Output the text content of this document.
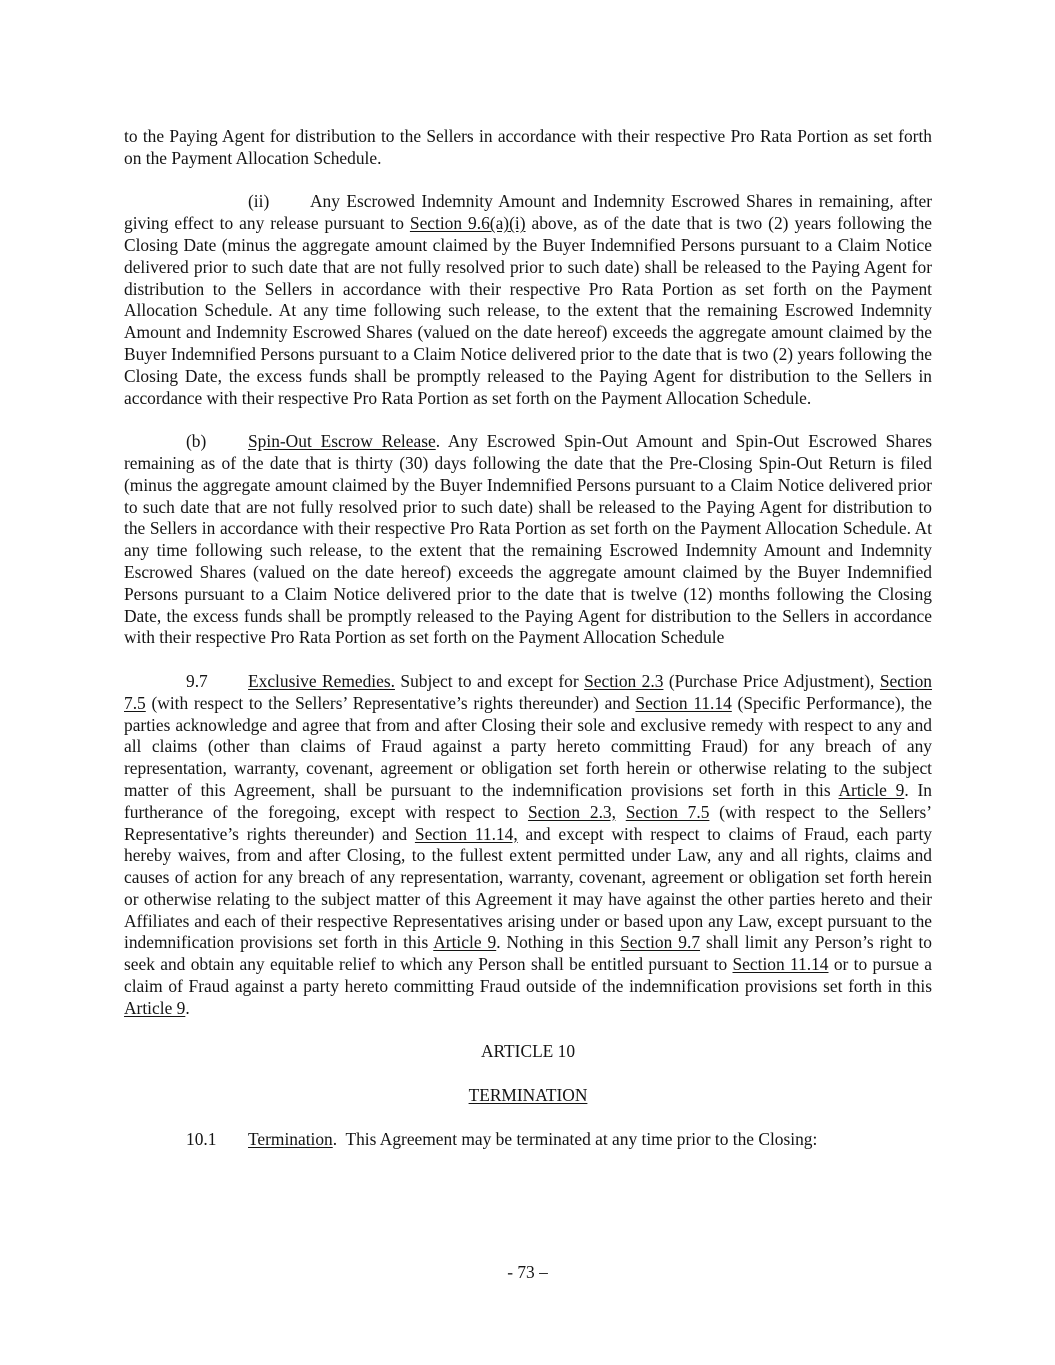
to the Paying Agent for distribution to the Sellers in accordance with their respective Pro Rata Portion as set forth on the Payment Allocation Schedule.

(ii) Any Escrowed Indemnity Amount and Indemnity Escrowed Shares in remaining, after giving effect to any release pursuant to Section 9.6(a)(i) above, as of the date that is two (2) years following the Closing Date (minus the aggregate amount claimed by the Buyer Indemnified Persons pursuant to a Claim Notice delivered prior to such date that are not fully resolved prior to such date) shall be released to the Paying Agent for distribution to the Sellers in accordance with their respective Pro Rata Portion as set forth on the Payment Allocation Schedule. At any time following such release, to the extent that the remaining Escrowed Indemnity Amount and Indemnity Escrowed Shares (valued on the date hereof) exceeds the aggregate amount claimed by the Buyer Indemnified Persons pursuant to a Claim Notice delivered prior to the date that is two (2) years following the Closing Date, the excess funds shall be promptly released to the Paying Agent for distribution to the Sellers in accordance with their respective Pro Rata Portion as set forth on the Payment Allocation Schedule.

(b) Spin-Out Escrow Release. Any Escrowed Spin-Out Amount and Spin-Out Escrowed Shares remaining as of the date that is thirty (30) days following the date that the Pre-Closing Spin-Out Return is filed (minus the aggregate amount claimed by the Buyer Indemnified Persons pursuant to a Claim Notice delivered prior to such date that are not fully resolved prior to such date) shall be released to the Paying Agent for distribution to the Sellers in accordance with their respective Pro Rata Portion as set forth on the Payment Allocation Schedule. At any time following such release, to the extent that the remaining Escrowed Indemnity Amount and Indemnity Escrowed Shares (valued on the date hereof) exceeds the aggregate amount claimed by the Buyer Indemnified Persons pursuant to a Claim Notice delivered prior to the date that is twelve (12) months following the Closing Date, the excess funds shall be promptly released to the Paying Agent for distribution to the Sellers in accordance with their respective Pro Rata Portion as set forth on the Payment Allocation Schedule

9.7 Exclusive Remedies. Subject to and except for Section 2.3 (Purchase Price Adjustment), Section 7.5 (with respect to the Sellers’ Representative’s rights thereunder) and Section 11.14 (Specific Performance), the parties acknowledge and agree that from and after Closing their sole and exclusive remedy with respect to any and all claims (other than claims of Fraud against a party hereto committing Fraud) for any breach of any representation, warranty, covenant, agreement or obligation set forth herein or otherwise relating to the subject matter of this Agreement, shall be pursuant to the indemnification provisions set forth in this Article 9. In furtherance of the foregoing, except with respect to Section 2.3, Section 7.5 (with respect to the Sellers’ Representative’s rights thereunder) and Section 11.14, and except with respect to claims of Fraud, each party hereby waives, from and after Closing, to the fullest extent permitted under Law, any and all rights, claims and causes of action for any breach of any representation, warranty, covenant, agreement or obligation set forth herein or otherwise relating to the subject matter of this Agreement it may have against the other parties hereto and their Affiliates and each of their respective Representatives arising under or based upon any Law, except pursuant to the indemnification provisions set forth in this Article 9. Nothing in this Section 9.7 shall limit any Person’s right to seek and obtain any equitable relief to which any Person shall be entitled pursuant to Section 11.14 or to pursue a claim of Fraud against a party hereto committing Fraud outside of the indemnification provisions set forth in this Article 9.

ARTICLE 10

TERMINATION

10.1 Termination.  This Agreement may be terminated at any time prior to the Closing:

- 73 –
